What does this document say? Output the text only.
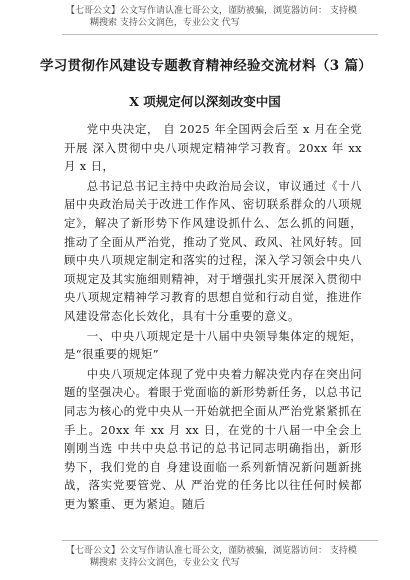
【七哥公文】公文写作请认准七哥公文，谨防被骗，浏览器访问： 支持模
糊搜索 支持公文润色，专业公文 代写
学习贯彻作风建设专题教育精神经验交流材料（3 篇）
X 项规定何以深刻改变中国

党中央决定， 自 2025 年全国两会后至 x 月在全党开展 深入贯彻中央八项规定精神学习教育。20xx 年 xx 月 x 日，

总书记总书记主持中央政治局会议，审议通过《十八届中央政治局关于改进工作作风、密切联系群众的八项规定》，解决了新形势下作风建设抓什么、怎么抓的问题，推动了全面从严治党，推动了党风、政风、社风好转。回顾中央八项规定制定和落实的过程，深入学习领会中央八项规定及其实施细则精神，对于增强扎实开展深入贯彻中央八项规定精神学习教育的思想自觉和行动自觉，推进作风建设常态化长效化，具有十分重要的意义。

一、中央八项规定是十八届中央领导集体定的规矩，是“很重要的规矩”

中央八项规定体现了党中央着力解决党内存在突出问题的坚强决心。着眼于党面临的新形势新任务，以总书记同志为核心的党中央从一开始就把全面从严治党紧紧抓在手上。20xx 年 xx 月 xx 日，在党的十八届一中全会上刚刚当选 中共中央总书记的总书记同志明确指出，新形势下，我们党的自 身建设面临一系列新情况新问题新挑战，落实党要管党、从 严治党的任务比以往任何时候都更为繁重、更为紧迫。随后

【七哥公文】公文写作请认准七哥公文，谨防被骗，浏览器访问： 支持模
糊搜索 支持公文润色，专业公文 代写
